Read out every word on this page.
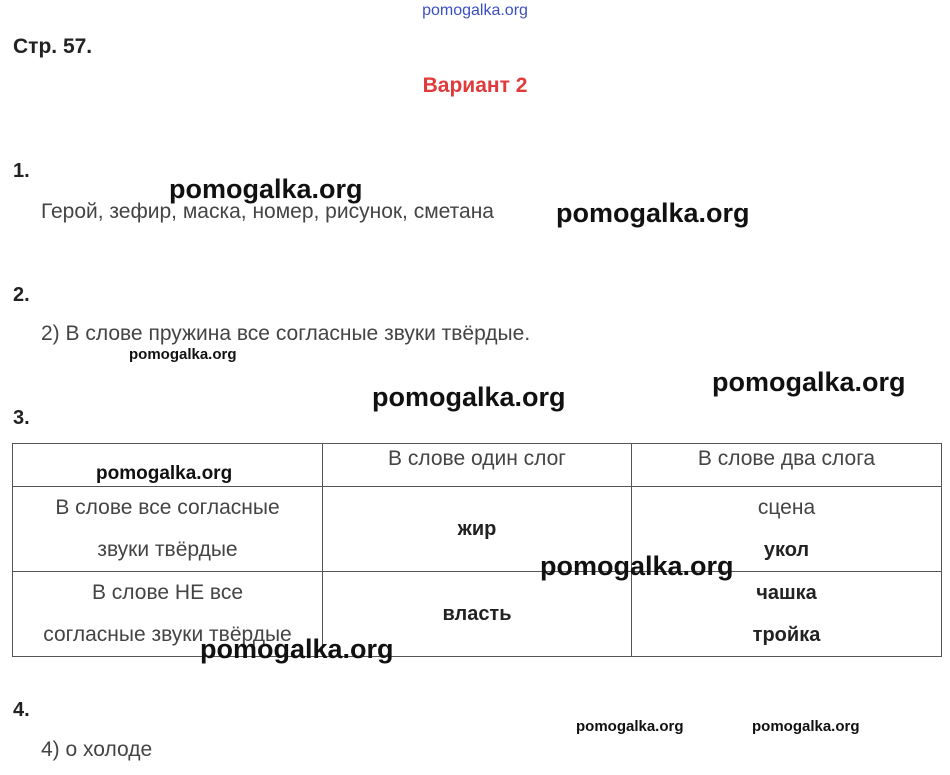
pomogalka.org
Стр. 57.
Вариант 2
1.
Герой, зефир, маска, номер, рисунок, сметана
2.
2) В слове пружина все согласные звуки твёрдые.
3.
	В слове один слог	В слове два слога

В слове все согласные
звуки твёрдые	жир	сцена
укол

В слове НЕ все
согласные звуки твёрдые	власть	чашка
тройка
4.
4) о холоде
pomogalka.org
pomogalka.org
pomogalka.org
pomogalka.org
pomogalka.org
pomogalka.org
pomogalka.org
pomogalka.org
pomogalka.org	pomogalka.org
